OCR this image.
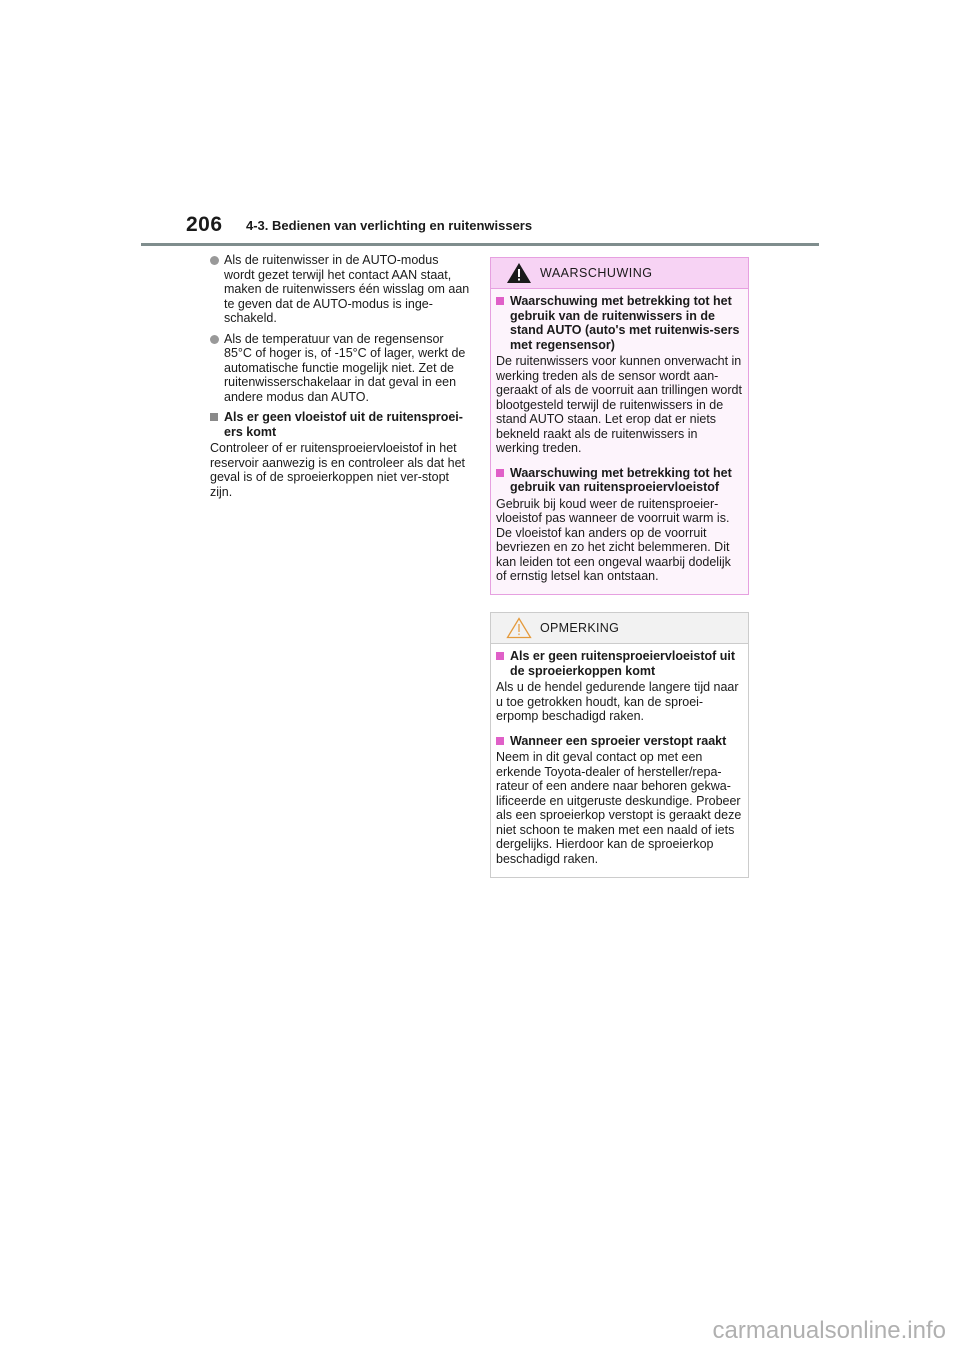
206 4-3. Bedienen van verlichting en ruitenwissers
Als de ruitenwisser in de AUTO-modus wordt gezet terwijl het contact AAN staat, maken de ruitenwissers één wisslag om aan te geven dat de AUTO-modus is inge-schakeld.
Als de temperatuur van de regensensor 85°C of hoger is, of -15°C of lager, werkt de automatische functie mogelijk niet. Zet de ruitenwisserschakelaar in dat geval in een andere modus dan AUTO.
Als er geen vloeistof uit de ruitensproei-ers komt

Controleer of er ruitensproeiervloeistof in het reservoir aanwezig is en controleer als dat het geval is of de sproeierkoppen niet ver-stopt zijn.

WAARSCHUWING
Waarschuwing met betrekking tot het gebruik van de ruitenwissers in de stand AUTO (auto's met ruitenwis-sers met regensensor)

De ruitenwissers voor kunnen onverwacht in werking treden als de sensor wordt aan-geraakt of als de voorruit aan trillingen wordt blootgesteld terwijl de ruitenwissers in de stand AUTO staan. Let erop dat er niets bekneld raakt als de ruitenwissers in werking treden.

Waarschuwing met betrekking tot het gebruik van ruitensproeiervloeistof

Gebruik bij koud weer de ruitensproeier-vloeistof pas wanneer de voorruit warm is. De vloeistof kan anders op de voorruit bevriezen en zo het zicht belemmeren. Dit kan leiden tot een ongeval waarbij dodelijk of ernstig letsel kan ontstaan.

OPMERKING
Als er geen ruitensproeiervloeistof uit de sproeierkoppen komt

Als u de hendel gedurende langere tijd naar u toe getrokken houdt, kan de sproei-erpomp beschadigd raken.

Wanneer een sproeier verstopt raakt

Neem in dit geval contact op met een erkende Toyota-dealer of hersteller/repa-rateur of een andere naar behoren gekwa-lificeerde en uitgeruste deskundige. Probeer als een sproeierkop verstopt is geraakt deze niet schoon te maken met een naald of iets dergelijks. Hierdoor kan de sproeierkop beschadigd raken.

carmanualsonline.info
